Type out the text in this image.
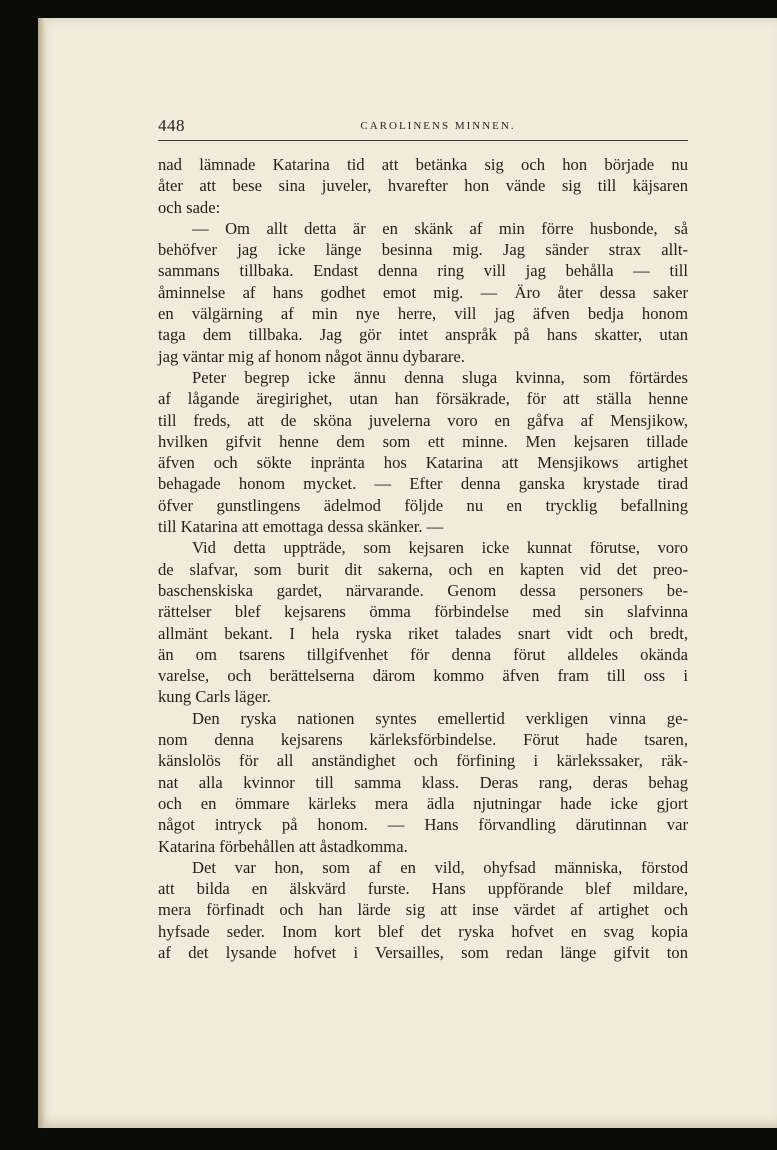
448	CAROLINENS MINNEN.
nad lämnade Katarina tid att betänka sig och hon började nu
åter att bese sina juveler, hvarefter hon vände sig till käjsaren
och sade:
— Om allt detta är en skänk af min förre husbonde, så
behöfver jag icke länge besinna mig. Jag sänder strax allt-
sammans tillbaka. Endast denna ring vill jag behålla — till
åminnelse af hans godhet emot mig. — Äro åter dessa saker
en välgärning af min nye herre, vill jag äfven bedja honom
taga dem tillbaka. Jag gör intet anspråk på hans skatter, utan
jag väntar mig af honom något ännu dybarare.
Peter begrep icke ännu denna sluga kvinna, som förtärdes
af lågande äregirighet, utan han försäkrade, för att ställa henne
till freds, att de sköna juvelerna voro en gåfva af Mensjikow,
hvilken gifvit henne dem som ett minne. Men kejsaren tillade
äfven och sökte inpränta hos Katarina att Mensjikows artighet
behagade honom mycket. — Efter denna ganska krystade tirad
öfver gunstlingens ädelmod följde nu en trycklig befallning
till Katarina att emottaga dessa skänker. —
Vid detta uppträde, som kejsaren icke kunnat förutse, voro
de slafvar, som burit dit sakerna, och en kapten vid det preo-
baschenskiska gardet, närvarande. Genom dessa personers be-
rättelser blef kejsarens ömma förbindelse med sin slafvinna
allmänt bekant. I hela ryska riket talades snart vidt och bredt,
än om tsarens tillgifvenhet för denna förut alldeles okända
varelse, och berättelserna därom kommo äfven fram till oss i
kung Carls läger.
Den ryska nationen syntes emellertid verkligen vinna ge-
nom denna kejsarens kärleksförbindelse. Förut hade tsaren,
känslolös för all anständighet och förfining i kärlekssaker, räk-
nat alla kvinnor till samma klass. Deras rang, deras behag
och en ömmare kärleks mera ädla njutningar hade icke gjort
något intryck på honom. — Hans förvandling därutinnan var
Katarina förbehållen att åstadkomma.
Det var hon, som af en vild, ohyfsad människa, förstod
att bilda en älskvärd furste. Hans uppförande blef mildare,
mera förfinadt och han lärde sig att inse värdet af artighet och
hyfsade seder. Inom kort blef det ryska hofvet en svag kopia
af det lysande hofvet i Versailles, som redan länge gifvit ton
